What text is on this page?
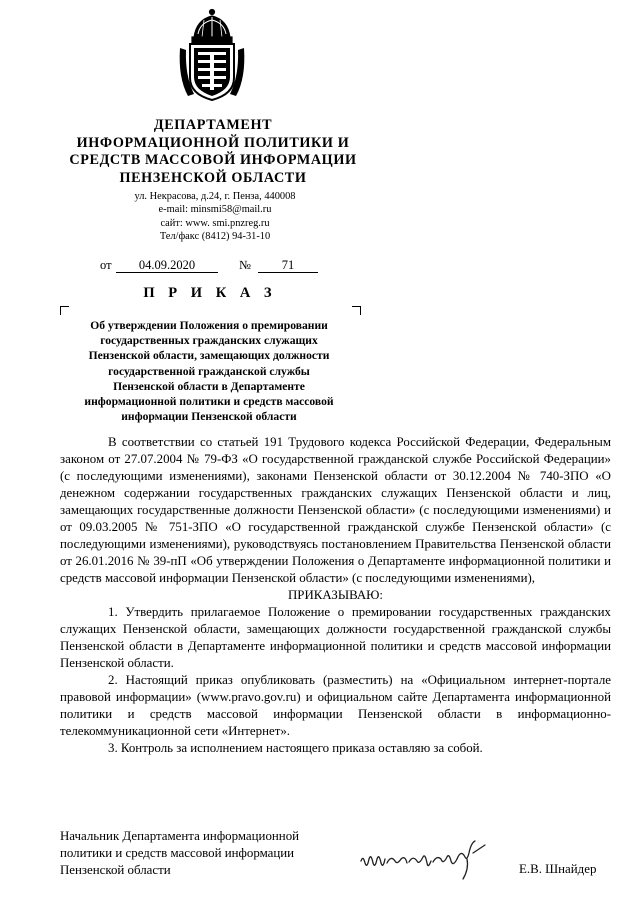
ДЕПАРТАМЕНТ
ИНФОРМАЦИОННОЙ ПОЛИТИКИ И
СРЕДСТВ МАССОВОЙ ИНФОРМАЦИИ
ПЕНЗЕНСКОЙ ОБЛАСТИ
ул. Некрасова, д.24, г. Пенза, 440008
e-mail: minsmi58@mail.ru
сайт: www. smi.pnzreg.ru
Тел/факс (8412) 94-31-10
от	04.09.2020	№	71
П Р И К А З
Об утверждении Положения о премировании
государственных гражданских служащих
Пензенской области, замещающих должности
государственной гражданской службы
Пензенской области в Департаменте
информационной политики и средств массовой
информации Пензенской области

В соответствии со статьей 191 Трудового кодекса Российской Федерации, Федеральным законом от 27.07.2004 № 79-ФЗ «О государственной гражданской службе Российской Федерации» (с последующими изменениями), законами Пензенской области от 30.12.2004 № 740-ЗПО «О денежном содержании государственных гражданских служащих Пензенской области и лиц, замещающих государственные должности Пензенской области» (с последующими изменениями) и от 09.03.2005 № 751-ЗПО «О государственной гражданской службе Пензенской области» (с последующими изменениями), руководствуясь постановлением Правительства Пензенской области от 26.01.2016 № 39-пП «Об утверждении Положения о Департаменте информационной политики и средств массовой информации Пензенской области» (с последующими изменениями),

ПРИКАЗЫВАЮ:

1. Утвердить прилагаемое Положение о премировании государственных гражданских служащих Пензенской области, замещающих должности государственной гражданской службы Пензенской области в Департаменте информационной политики и средств массовой информации Пензенской области.

2. Настоящий приказ опубликовать (разместить) на «Официальном интернет-портале правовой информации» (www.pravo.gov.ru) и официальном сайте Департамента информационной политики и средств массовой информации Пензенской области в информационно-телекоммуникационной сети «Интернет».

3. Контроль за исполнением настоящего приказа оставляю за собой.

Начальник Департамента информационной
политики и средств массовой информации
Пензенской области	Е.В. Шнайдер
